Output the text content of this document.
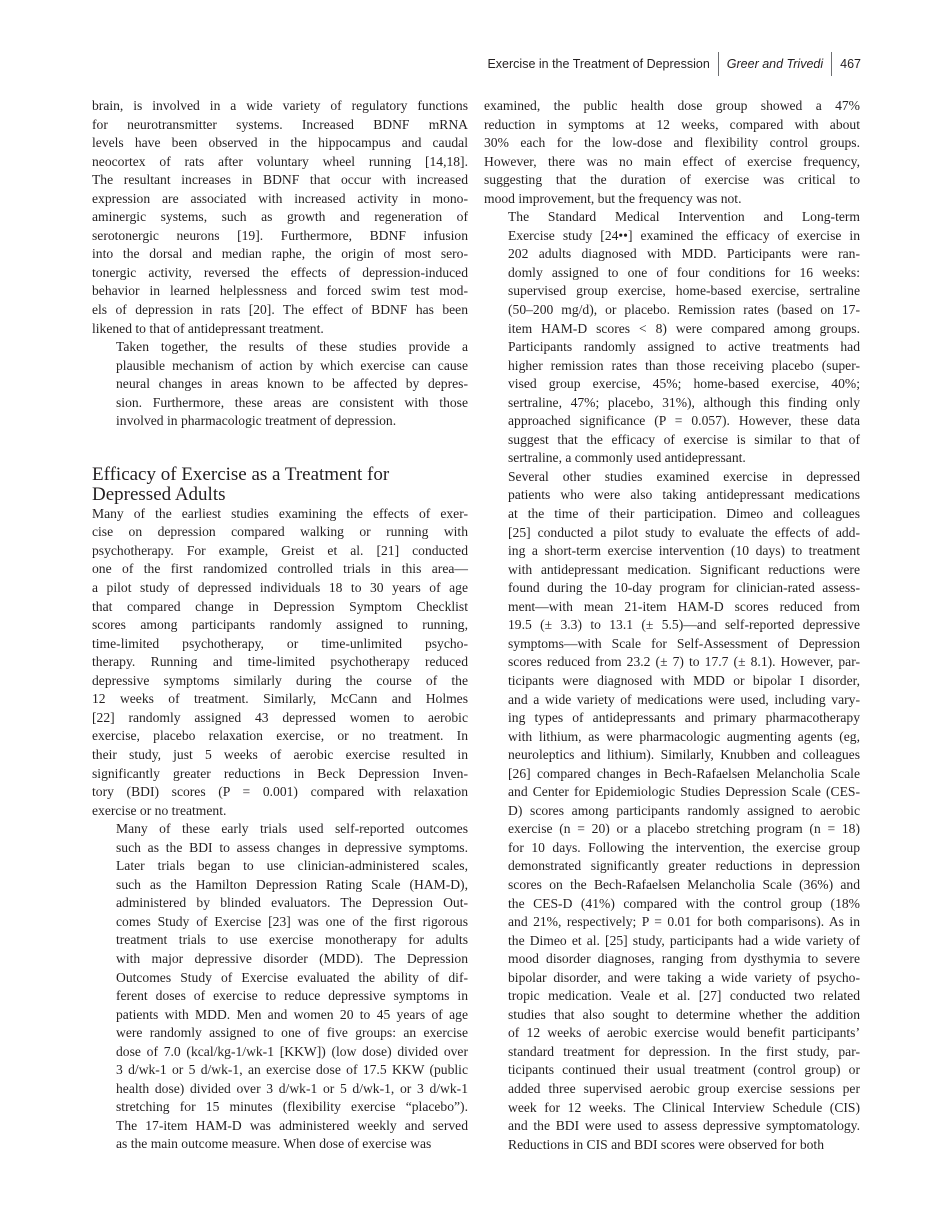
Exercise in the Treatment of Depression Greer and Trivedi 467

brain, is involved in a wide variety of regulatory functions
for neurotransmitter systems. Increased BDNF mRNA
levels have been observed in the hippocampus and caudal
neocortex of rats after voluntary wheel running [14,18].
The resultant increases in BDNF that occur with increased
expression are associated with increased activity in mono-
aminergic systems, such as growth and regeneration of
serotonergic neurons [19]. Furthermore, BDNF infusion
into the dorsal and median raphe, the origin of most sero-
tonergic activity, reversed the effects of depression-induced
behavior in learned helplessness and forced swim test mod-
els of depression in rats [20]. The effect of BDNF has been
likened to that of antidepressant treatment.

Taken together, the results of these studies provide a
plausible mechanism of action by which exercise can cause
neural changes in areas known to be affected by depres-
sion. Furthermore, these areas are consistent with those
involved in pharmacologic treatment of depression.

Efficacy of Exercise as a Treatment for
Depressed Adults

Many of the earliest studies examining the effects of exer-
cise on depression compared walking or running with
psychotherapy. For example, Greist et al. [21] conducted
one of the first randomized controlled trials in this area—
a pilot study of depressed individuals 18 to 30 years of age
that compared change in Depression Symptom Checklist
scores among participants randomly assigned to running,
time-limited psychotherapy, or time-unlimited psycho-
therapy. Running and time-limited psychotherapy reduced
depressive symptoms similarly during the course of the
12 weeks of treatment. Similarly, McCann and Holmes
[22] randomly assigned 43 depressed women to aerobic
exercise, placebo relaxation exercise, or no treatment. In
their study, just 5 weeks of aerobic exercise resulted in
significantly greater reductions in Beck Depression Inven-
tory (BDI) scores (P = 0.001) compared with relaxation
exercise or no treatment.

Many of these early trials used self-reported outcomes
such as the BDI to assess changes in depressive symptoms.
Later trials began to use clinician-administered scales,
such as the Hamilton Depression Rating Scale (HAM-D),
administered by blinded evaluators. The Depression Out-
comes Study of Exercise [23] was one of the first rigorous
treatment trials to use exercise monotherapy for adults
with major depressive disorder (MDD). The Depression
Outcomes Study of Exercise evaluated the ability of dif-
ferent doses of exercise to reduce depressive symptoms in
patients with MDD. Men and women 20 to 45 years of age
were randomly assigned to one of five groups: an exercise
dose of 7.0 (kcal/kg-1/wk-1 [KKW]) (low dose) divided over
3 d/wk-1 or 5 d/wk-1, an exercise dose of 17.5 KKW (public
health dose) divided over 3 d/wk-1 or 5 d/wk-1, or 3 d/wk-1
stretching for 15 minutes (flexibility exercise “placebo”).
The 17-item HAM-D was administered weekly and served
as the main outcome measure. When dose of exercise was

examined, the public health dose group showed a 47%
reduction in symptoms at 12 weeks, compared with about
30% each for the low-dose and flexibility control groups.
However, there was no main effect of exercise frequency,
suggesting that the duration of exercise was critical to
mood improvement, but the frequency was not.

The Standard Medical Intervention and Long-term
Exercise study [24••] examined the efficacy of exercise in
202 adults diagnosed with MDD. Participants were ran-
domly assigned to one of four conditions for 16 weeks:
supervised group exercise, home-based exercise, sertraline
(50–200 mg/d), or placebo. Remission rates (based on 17-
item HAM-D scores < 8) were compared among groups.
Participants randomly assigned to active treatments had
higher remission rates than those receiving placebo (super-
vised group exercise, 45%; home-based exercise, 40%;
sertraline, 47%; placebo, 31%), although this finding only
approached significance (P = 0.057). However, these data
suggest that the efficacy of exercise is similar to that of
sertraline, a commonly used antidepressant.

Several other studies examined exercise in depressed
patients who were also taking antidepressant medications
at the time of their participation. Dimeo and colleagues
[25] conducted a pilot study to evaluate the effects of add-
ing a short-term exercise intervention (10 days) to treatment
with antidepressant medication. Significant reductions were
found during the 10-day program for clinician-rated assess-
ment—with mean 21-item HAM-D scores reduced from
19.5 (± 3.3) to 13.1 (± 5.5)—and self-reported depressive
symptoms—with Scale for Self-Assessment of Depression
scores reduced from 23.2 (± 7) to 17.7 (± 8.1). However, par-
ticipants were diagnosed with MDD or bipolar I disorder,
and a wide variety of medications were used, including vary-
ing types of antidepressants and primary pharmacotherapy
with lithium, as were pharmacologic augmenting agents (eg,
neuroleptics and lithium). Similarly, Knubben and colleagues
[26] compared changes in Bech-Rafaelsen Melancholia Scale
and Center for Epidemiologic Studies Depression Scale (CES-
D) scores among participants randomly assigned to aerobic
exercise (n = 20) or a placebo stretching program (n = 18)
for 10 days. Following the intervention, the exercise group
demonstrated significantly greater reductions in depression
scores on the Bech-Rafaelsen Melancholia Scale (36%) and
the CES-D (41%) compared with the control group (18%
and 21%, respectively; P = 0.01 for both comparisons). As in
the Dimeo et al. [25] study, participants had a wide variety of
mood disorder diagnoses, ranging from dysthymia to severe
bipolar disorder, and were taking a wide variety of psycho-
tropic medication. Veale et al. [27] conducted two related
studies that also sought to determine whether the addition
of 12 weeks of aerobic exercise would benefit participants’
standard treatment for depression. In the first study, par-
ticipants continued their usual treatment (control group) or
added three supervised aerobic group exercise sessions per
week for 12 weeks. The Clinical Interview Schedule (CIS)
and the BDI were used to assess depressive symptomatology.
Reductions in CIS and BDI scores were observed for both
